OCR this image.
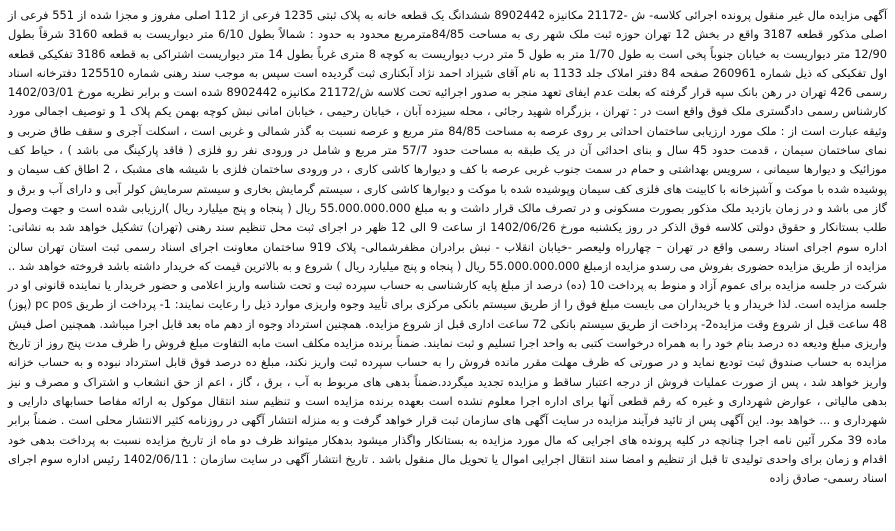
آگهی مزایده مال غیر منقول پرونده اجرائی کلاسه- ش -21172 مکانیزه 8902442 ششدانگ یک قطعه خانه به پلاک ثبتی 1235 فرعی از 112 اصلی مفروز و مجزا شده از 551 فرعی از اصلی مذکور قطعه 3187 واقع در بخش 12 تهران حوزه ثبت ملک شهر ری به مساحت 84/85مترمربع محدود به حدود : شمالاً بطول 6/10 متر دیواریست به قطعه 3160 شرقاً بطول 12/90 متر دیواریست به خیابان جنوباً پخی است به طول 1/70 متر به طول 5 متر درب دیواریست به کوچه 8 متری غرباً بطول 14 متر دیواریست اشتراکی به قطعه 3186 تفکیکی قطعه اول تفکیکی که ذیل شماره 260961 صفحه 84 دفتر املاک جلد 1133 به نام آقای شیزاد احمد نژاد آبکناری ثبت گردیده است سپس به موجب سند رهنی شماره 125510 دفترخانه اسناد رسمی 426 تهران در رهن بانک سپه قرار گرفته که بعلت عدم ایفای تعهد منجر به صدور اجرائیه تحت کلاسه ش/21172 مکانیزه 8902442 شده است و برابر نظریه مورخ 1402/03/01 کارشناس رسمی دادگستری ملک فوق واقع است در : تهران ، بزرگراه شهید رجائی ، محله سیزده آبان ، خیابان رحیمی ، خیابان امانی نبش کوچه بهمن یکم پلاک 1 و توصیف اجمالی مورد وثیقه عبارت است از : ملک مورد ارزیابی ساختمان احداثی بر روی عرصه به مساحت 84/85 متر مربع و عرصه نسبت به گذر شمالی و غربی است ، اسکلت آجری و سقف طاق ضربی و نمای ساختمان سیمان ، قدمت حدود 45 سال و بنای احداثی آن در یک طبقه به مساحت حدود 57/7 متر مربع و شامل در ورودی نفر رو فلزی ( فاقد پارکینگ می باشد ) ، حیاط کف موزائیک و دیوارها سیمانی ، سرویس بهداشتی و حمام در سمت جنوب غربی عرصه با کف و دیوارها کاشی کاری ، در ورودی ساختمان فلزی با شیشه های مشبک ، 2 اطاق کف سیمان و پوشیده شده با موکت و آشپزخانه با کابینت های فلزی کف سیمان وپوشیده شده با موکت و دیوارها کاشی کاری ، سیستم گرمایش بخاری و سیستم سرمایش کولر آبی و دارای آب و برق و گاز می باشد و در زمان بازدید ملک مذکور بصورت مسکونی و در تصرف مالک قرار داشت و به مبلغ 55.000.000.000 ریال ( پنجاه و پنج میلیارد ریال )ارزیابی شده است و جهت وصول طلب بستانکار و حقوق دولتی کلاسه فوق الذکر در روز یکشنبه مورخ 1402/06/26 از ساعت 9 الی 12 ظهر در اجرای ثبت محل تنظیم سند رهنی (تهران) تشکیل خواهد شد به نشانی: اداره سوم اجرای اسناد رسمی واقع در تهران – چهارراه ولیعصر -خیابان انقلاب - نبش برادران مظفرشمالی- پلاک 919 ساختمان معاونت اجرای اسناد رسمی ثبت استان تهران سالن مزایده از طریق مزایده حضوری بفروش می رسدو مزایده ازمبلغ 55.000.000.000 ریال ( پنجاه و پنج میلیارد ریال ) شروع و به بالاترین قیمت که خریدار داشته باشد فروخته خواهد شد .. شرکت در جلسه مزایده برای عموم آزاد و منوط به پرداخت 10 (ده) درصد از مبلغ پایه کارشناسی به حساب سپرده ثبت و تحت شناسه واریز اعلامی و حضور خریدار یا نماینده قانونی او در جلسه مزایده است. لذا خریدار و یا خریداران می بایست مبلغ فوق را از طریق سیستم بانکی مرکزی برای تأیید وجوه واریزی موارد ذیل را رعایت نمایند: 1- پرداخت از طریق pc pos (پوز) 48 ساعت قبل از شروع وقت مزایده2- پرداخت از طریق سیستم بانکی 72 ساعت اداری قبل از شروع مزایده. همچنین استرداد وجوه از دهم ماه بعد قابل اجرا میباشد. همچنین اصل فیش واریزی مبلغ ودیعه ده درصد بنام خود را به همراه درخواست کتبی به واحد اجرا تسلیم و ثبت نمایند. ضمناً برنده مزایده مکلف است مابه التفاوت مبلغ فروش را ظرف مدت پنج روز از تاریخ مزایده به حساب صندوق ثبت تودیع نماید و در صورتی که ظرف مهلت مقرر مانده فروش را به حساب سپرده ثبت واریز نکند، مبلغ ده درصد فوق قابل استرداد نبوده و به حساب خزانه واریز خواهد شد ، پس از صورت عملیات فروش از درجه اعتبار ساقط و مزایده تجدید میگردد.ضمناً بدهی های مربوط به آب ، برق ، گاز ، اعم از حق انشعاب و اشتراک و مصرف و نیز بدهی مالیاتی ، عوارض شهرداری و غیره که رقم قطعی آنها برای اداره اجرا معلوم نشده است بعهده برنده مزایده است و تنظیم سند انتقال موکول به ارائه مفاصا حسابهای دارایی و شهرداری و ... خواهد بود. این آگهی پس از تائید فرآیند مزایده در سایت آگهی های سازمان ثبت قرار خواهد گرفت و به منزله انتشار آگهی در روزنامه کثیر الانتشار محلی است . ضمناً برابر ماده 39 مکرر آئین نامه اجرا چنانچه در کلیه پرونده های اجرایی که مال مورد مزایده به بستانکار واگذار میشود بدهکار میتواند ظرف دو ماه از تاریخ مزایده نسبت به پرداخت بدهی خود اقدام و زمان برای واحدی تولیدی تا قبل از تنظیم و امضا سند انتقال اجرایی اموال یا تحویل مال منقول باشد . تاریخ انتشار آگهی در سایت سازمان : 1402/06/11 رئیس اداره سوم اجرای اسناد رسمی- صادق زاده
